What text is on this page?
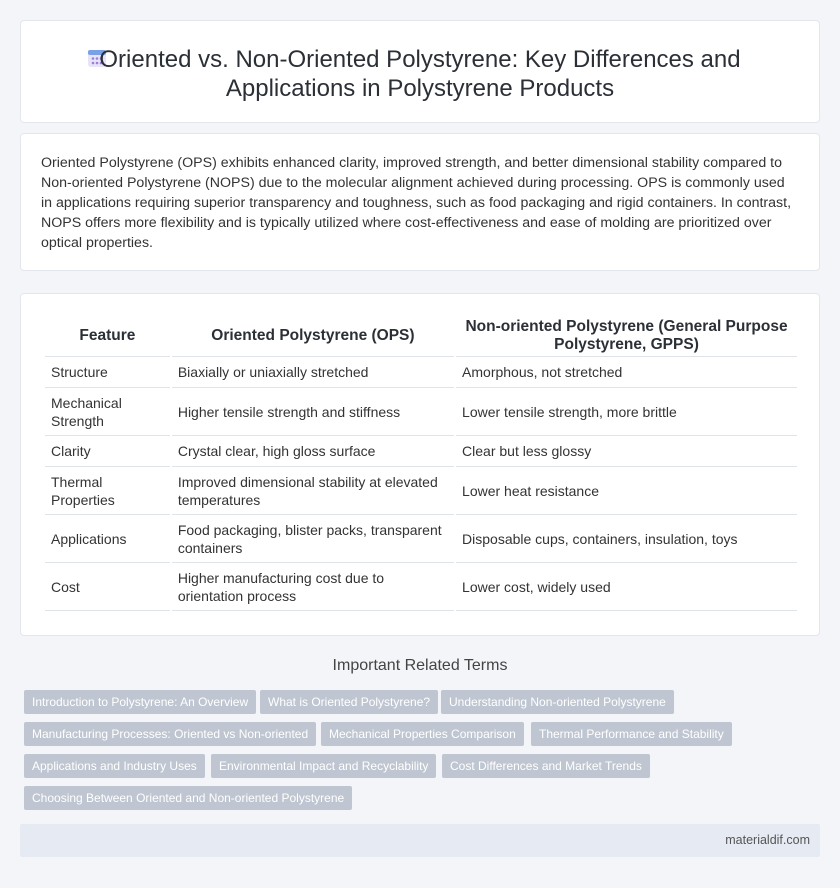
Oriented vs. Non-Oriented Polystyrene: Key Differences and
Applications in Polystyrene Products

Oriented Polystyrene (OPS) exhibits enhanced clarity, improved strength, and better dimensional stability compared to Non-oriented Polystyrene (NOPS) due to the molecular alignment achieved during processing. OPS is commonly used in applications requiring superior transparency and toughness, such as food packaging and rigid containers. In contrast, NOPS offers more flexibility and is typically utilized where cost-effectiveness and ease of molding are prioritized over optical properties.

Feature	Oriented Polystyrene (OPS)	Non-oriented Polystyrene (General Purpose Polystyrene, GPPS)
Structure	Biaxially or uniaxially stretched	Amorphous, not stretched
Mechanical Strength	Higher tensile strength and stiffness	Lower tensile strength, more brittle
Clarity	Crystal clear, high gloss surface	Clear but less glossy
Thermal Properties	Improved dimensional stability at elevated temperatures	Lower heat resistance
Applications	Food packaging, blister packs, transparent containers	Disposable cups, containers, insulation, toys
Cost	Higher manufacturing cost due to orientation process	Lower cost, widely used
Important Related Terms
Introduction to Polystyrene: An Overview	What is Oriented Polystyrene?	Understanding Non-oriented Polystyrene
Manufacturing Processes: Oriented vs Non-oriented	Mechanical Properties Comparison	Thermal Performance and Stability
Applications and Industry Uses	Environmental Impact and Recyclability	Cost Differences and Market Trends
Choosing Between Oriented and Non-oriented Polystyrene
materialdif.com
